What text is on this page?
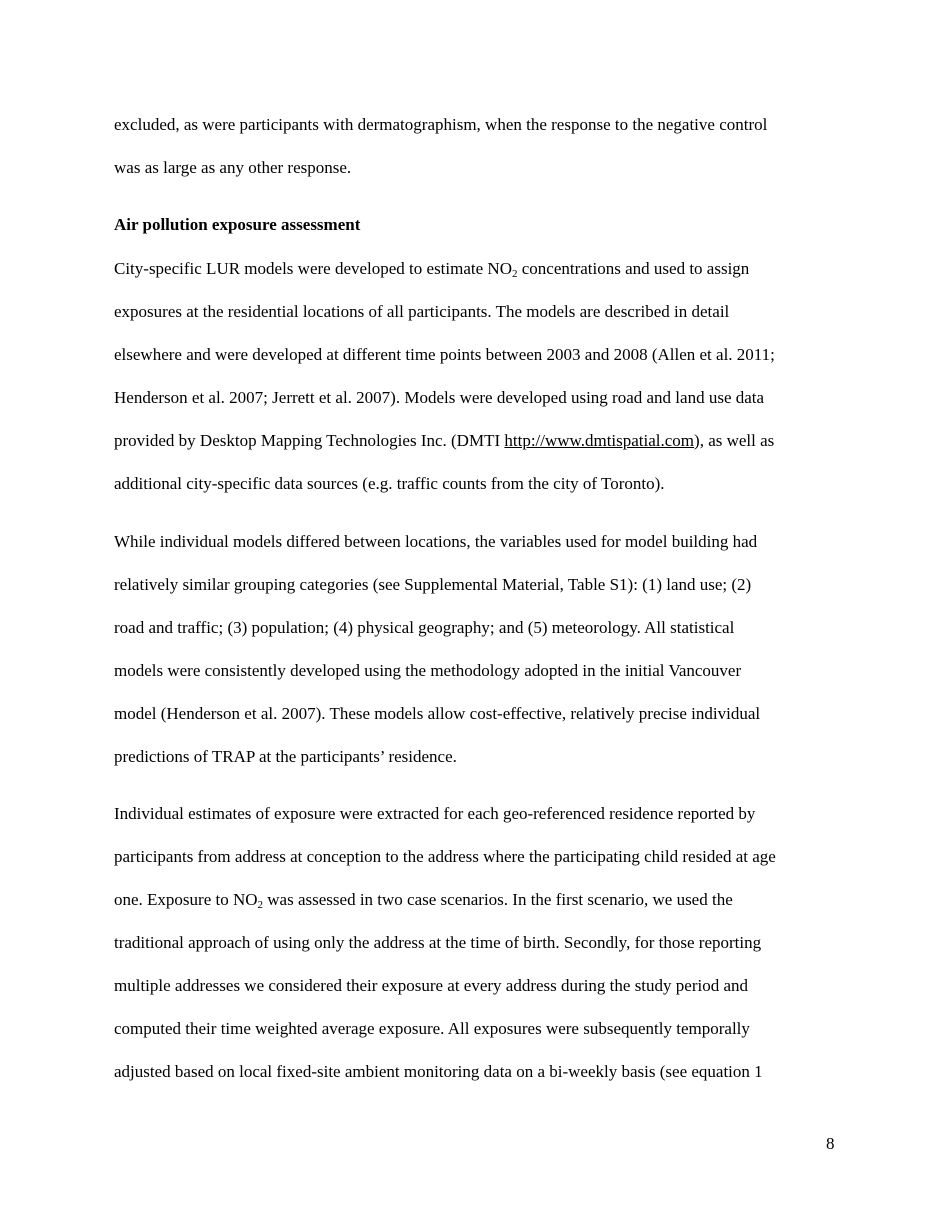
excluded, as were participants with dermatographism, when the response to the negative control
was as large as any other response.
Air pollution exposure assessment
City-specific LUR models were developed to estimate $NO_2$ concentrations and used to assign
exposures at the residential locations of all participants. The models are described in detail
elsewhere and were developed at different time points between 2003 and 2008 (Allen et al. 2011;
Henderson et al. 2007; Jerrett et al. 2007). Models were developed using road and land use data
provided by Desktop Mapping Technologies Inc. (DMTI http://www.dmtispatial.com), as well as
additional city-specific data sources (e.g. traffic counts from the city of Toronto).
While individual models differed between locations, the variables used for model building had
relatively similar grouping categories (see Supplemental Material, Table S1): (1) land use; (2)
road and traffic; (3) population; (4) physical geography; and (5) meteorology. All statistical
models were consistently developed using the methodology adopted in the initial Vancouver
model (Henderson et al. 2007). These models allow cost-effective, relatively precise individual
predictions of TRAP at the participants’ residence.
Individual estimates of exposure were extracted for each geo-referenced residence reported by
participants from address at conception to the address where the participating child resided at age
one. Exposure to $NO_2$ was assessed in two case scenarios. In the first scenario, we used the
traditional approach of using only the address at the time of birth. Secondly, for those reporting
multiple addresses we considered their exposure at every address during the study period and
computed their time weighted average exposure. All exposures were subsequently temporally
adjusted based on local fixed-site ambient monitoring data on a bi-weekly basis (see equation 1
8
